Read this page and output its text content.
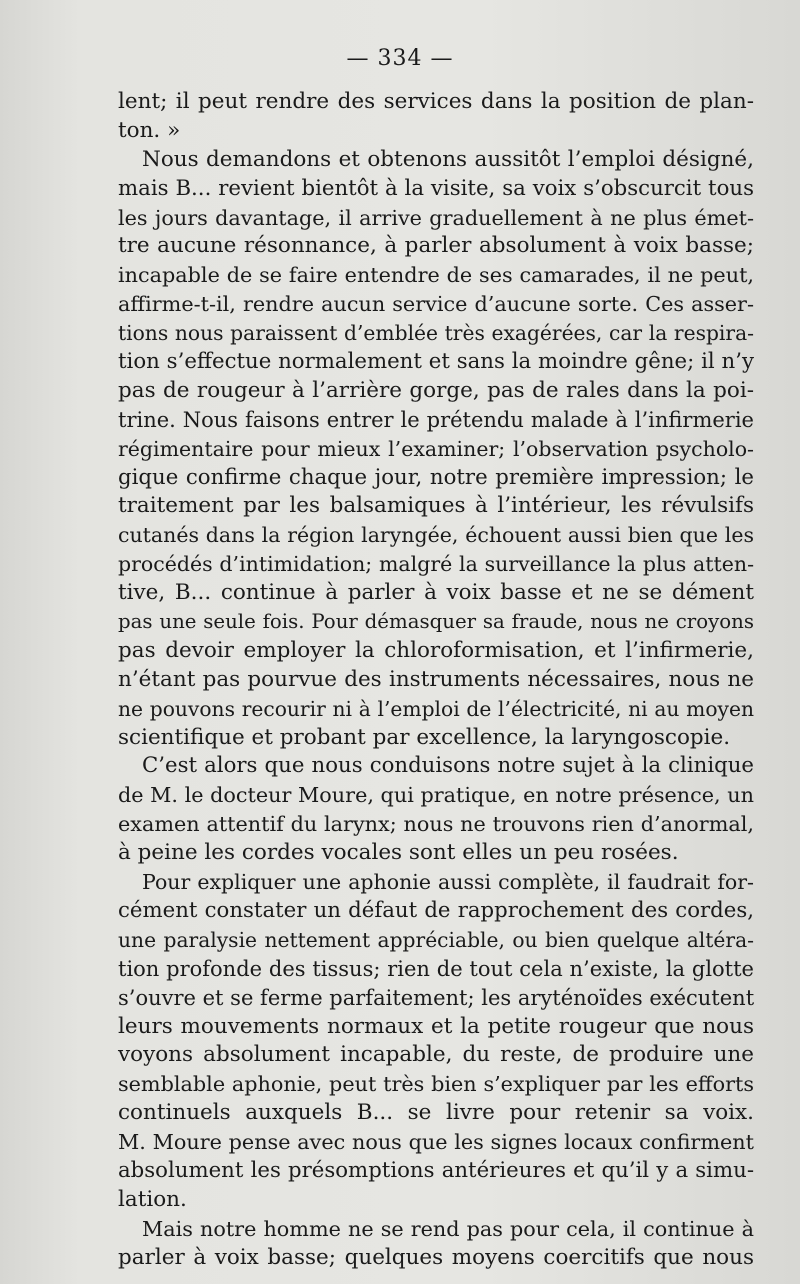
— 334 —
lent; il peut rendre des services dans la position de plan-
ton. »
Nous demandons et obtenons aussitôt l’emploi désigné,
mais B... revient bientôt à la visite, sa voix s’obscurcit tous
les jours davantage, il arrive graduellement à ne plus émet-
tre aucune résonnance, à parler absolument à voix basse;
incapable de se faire entendre de ses camarades, il ne peut,
affirme-t-il, rendre aucun service d’aucune sorte. Ces asser-
tions nous paraissent d’emblée très exagérées, car la respira-
tion s’effectue normalement et sans la moindre gêne; il n’y
pas de rougeur à l’arrière gorge, pas de rales dans la poi-
trine. Nous faisons entrer le prétendu malade à l’infirmerie
régimentaire pour mieux l’examiner; l’observation psycholo-
gique confirme chaque jour, notre première impression; le
traitement par les balsamiques à l’intérieur, les révulsifs
cutanés dans la région laryngée, échouent aussi bien que les
procédés d’intimidation; malgré la surveillance la plus atten-
tive, B... continue à parler à voix basse et ne se dément
pas une seule fois. Pour démasquer sa fraude, nous ne croyons
pas devoir employer la chloroformisation, et l’infirmerie,
n’étant pas pourvue des instruments nécessaires, nous ne
ne pouvons recourir ni à l’emploi de l’électricité, ni au moyen
scientifique et probant par excellence, la laryngoscopie.
C’est alors que nous conduisons notre sujet à la clinique
de M. le docteur Moure, qui pratique, en notre présence, un
examen attentif du larynx; nous ne trouvons rien d’anormal,
à peine les cordes vocales sont elles un peu rosées.
Pour expliquer une aphonie aussi complète, il faudrait for-
cément constater un défaut de rapprochement des cordes,
une paralysie nettement appréciable, ou bien quelque altéra-
tion profonde des tissus; rien de tout cela n’existe, la glotte
s’ouvre et se ferme parfaitement; les aryténoïdes exécutent
leurs mouvements normaux et la petite rougeur que nous
voyons absolument incapable, du reste, de produire une
semblable aphonie, peut très bien s’expliquer par les efforts
continuels auxquels B... se livre pour retenir sa voix.
M. Moure pense avec nous que les signes locaux confirment
absolument les présomptions antérieures et qu’il y a simu-
lation.
Mais notre homme ne se rend pas pour cela, il continue à
parler à voix basse; quelques moyens coercitifs que nous
